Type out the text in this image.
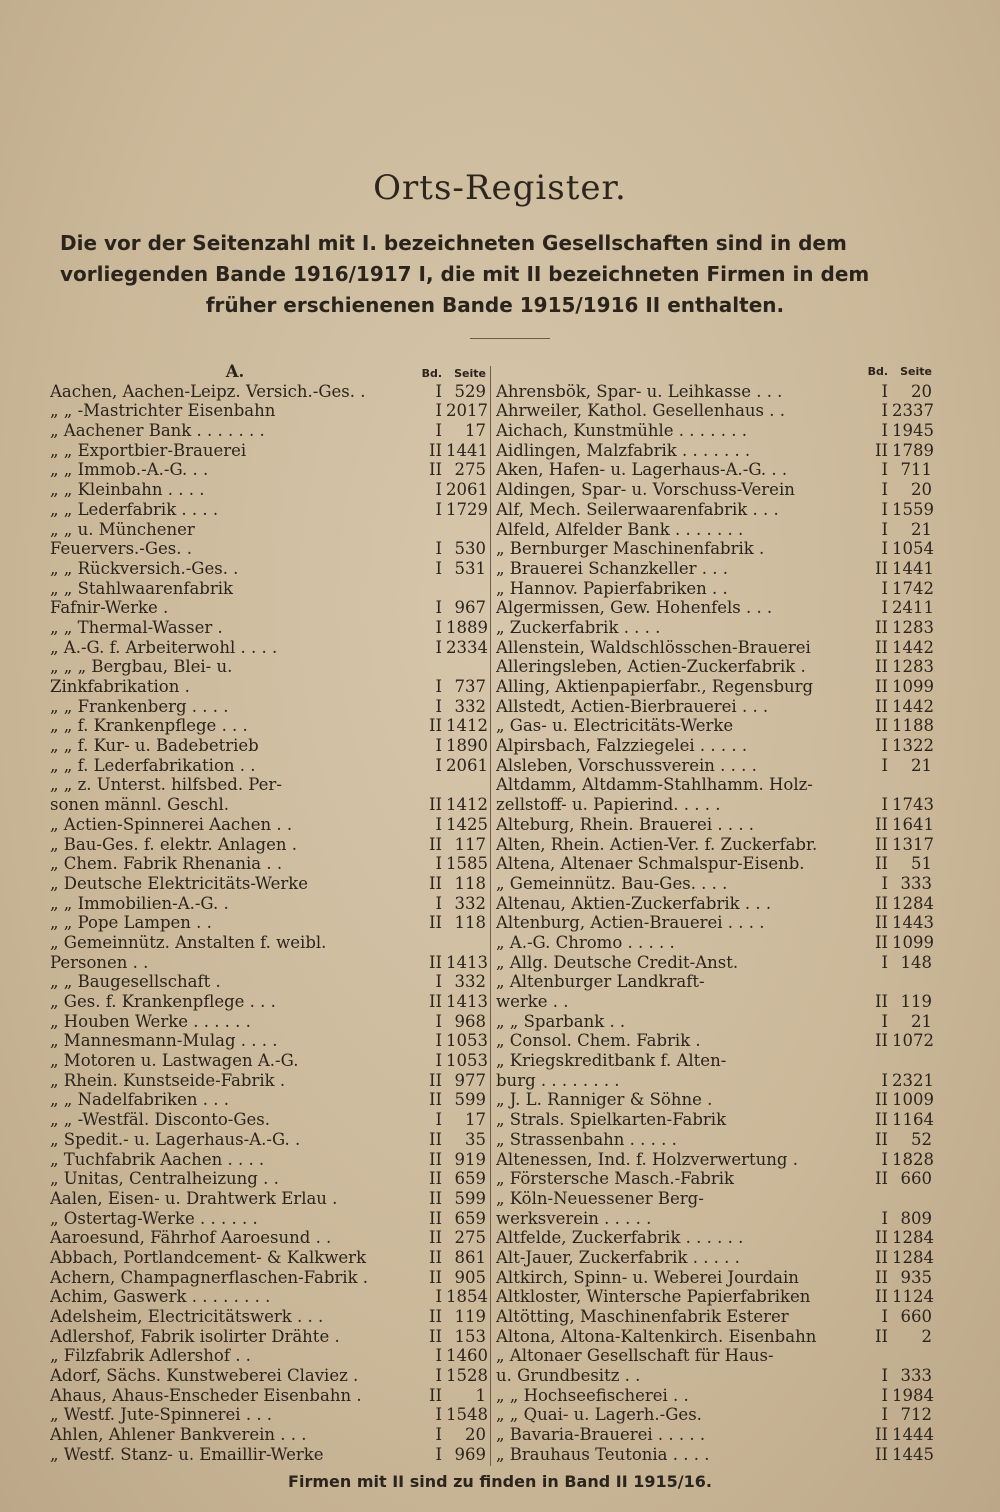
Orts-Register.
Die vor der Seitenzahl mit I. bezeichneten Gesellschaften sind in dem
vorliegenden Bande 1916/1917 I, die mit II bezeichneten Firmen in dem
früher erschienenen Bande 1915/1916 II enthalten.
A.	Bd.	Seite
Aachen, Aachen-Leipz. Versich.-Ges. .	I 529
„ „ -Mastrichter Eisenbahn	I 2017
„ Aachener Bank . . . . . . .	I	17
„ „ Exportbier-Brauerei	II 1441
„ „ Immob.-A.-G. . .	II 275
„ „ Kleinbahn . . . .	I 2061
„ „ Lederfabrik . . . .	I 1729
„ „ u. Münchener
Feuervers.-Ges. .	I 530
„ „ Rückversich.-Ges. .	I 531
„ „ Stahlwaarenfabrik
Fafnir-Werke .	I 967
„ „ Thermal-Wasser .	I 1889
„ A.-G. f. Arbeiterwohl . . . .	I 2334
„ „ „ Bergbau, Blei- u.
Zinkfabrikation .	I 737
„ „ Frankenberg . . . .	I 332
„ „ f. Krankenpflege . . .	II 1412
„ „ f. Kur- u. Badebetrieb	I 1890
„ „ f. Lederfabrikation . .	I 2061
„ „ z. Unterst. hilfsbed. Per-
sonen männl. Geschl.	II 1412
„ Actien-Spinnerei Aachen . .	I 1425
„ Bau-Ges. f. elektr. Anlagen .	II 117
„ Chem. Fabrik Rhenania . .	I 1585
„ Deutsche Elektricitäts-Werke	II 118
„ „ Immobilien-A.-G. .	I 332
„ „ Pope Lampen . .	II 118
„ Gemeinnütz. Anstalten f. weibl.
Personen . .	II 1413
„ „ Baugesellschaft .	I 332
„ Ges. f. Krankenpflege . . .	II 1413
„ Houben Werke . . . . . .	I 968
„ Mannesmann-Mulag . . . .	I 1053
„ Motoren u. Lastwagen A.-G.	I 1053
„ Rhein. Kunstseide-Fabrik .	II 977
„ „ Nadelfabriken . . .	II 599
„ „ -Westfäl. Disconto-Ges.	I	17
„ Spedit.- u. Lagerhaus-A.-G. .	II	35
„ Tuchfabrik Aachen . . . .	II 919
„ Unitas, Centralheizung . .	II 659
Aalen, Eisen- u. Drahtwerk Erlau .	II 599
„ Ostertag-Werke . . . . . .	II 659
Aaroesund, Fährhof Aaroesund . .	II 275
Abbach, Portlandcement- & Kalkwerk	II 861
Achern, Champagnerflaschen-Fabrik .	II 905
Achim, Gaswerk . . . . . . . .	I 1854
Adelsheim, Electricitätswerk . . .	II 119
Adlershof, Fabrik isolirter Drähte .	II 153
„ Filzfabrik Adlershof . .	I 1460
Adorf, Sächs. Kunstweberei Claviez .	I 1528
Ahaus, Ahaus-Enscheder Eisenbahn .	II	1
„ Westf. Jute-Spinnerei . . .	I 1548
Ahlen, Ahlener Bankverein . . .	I	20
„ Westf. Stanz- u. Emaillir-Werke	I 969
Bd.	Seite
Ahrensbök, Spar- u. Leihkasse . . .	I	20
Ahrweiler, Kathol. Gesellenhaus . .	I 2337
Aichach, Kunstmühle . . . . . . .	I 1945
Aidlingen, Malzfabrik . . . . . . .	II 1789
Aken, Hafen- u. Lagerhaus-A.-G. . .	I 711
Aldingen, Spar- u. Vorschuss-Verein	I	20
Alf, Mech. Seilerwaarenfabrik . . .	I 1559
Alfeld, Alfelder Bank . . . . . . .	I	21
„ Bernburger Maschinenfabrik .	I 1054
„ Brauerei Schanzkeller . . .	II 1441
„ Hannov. Papierfabriken . .	I 1742
Algermissen, Gew. Hohenfels . . .	I 2411
„ Zuckerfabrik . . . .	II 1283
Allenstein, Waldschlösschen-Brauerei	II 1442
Alleringsleben, Actien-Zuckerfabrik .	II 1283
Alling, Aktienpapierfabr., Regensburg	II 1099
Allstedt, Actien-Bierbrauerei . . .	II 1442
„ Gas- u. Electricitäts-Werke	II 1188
Alpirsbach, Falzziegelei . . . . .	I 1322
Alsleben, Vorschussverein . . . .	I	21
Altdamm, Altdamm-Stahlhamm. Holz-
zellstoff- u. Papierind. . . . .	I 1743
Alteburg, Rhein. Brauerei . . . .	II 1641
Alten, Rhein. Actien-Ver. f. Zuckerfabr.	II 1317
Altena, Altenaer Schmalspur-Eisenb.	II	51
„ Gemeinnütz. Bau-Ges. . . .	I 333
Altenau, Aktien-Zuckerfabrik . . .	II 1284
Altenburg, Actien-Brauerei . . . .	II 1443
„ A.-G. Chromo . . . . .	II 1099
„ Allg. Deutsche Credit-Anst.	I 148
„ Altenburger Landkraft-
werke . .	II 119
„ „ Sparbank . .	I	21
„ Consol. Chem. Fabrik .	II 1072
„ Kriegskreditbank f. Alten-
burg . . . . . . . .	I 2321
„ J. L. Ranniger & Söhne .	II 1009
„ Strals. Spielkarten-Fabrik	II 1164
„ Strassenbahn . . . . .	II	52
Altenessen, Ind. f. Holzverwertung .	I 1828
„ Förstersche Masch.-Fabrik	II 660
„ Köln-Neuessener Berg-
werksverein . . . . .	I 809
Altfelde, Zuckerfabrik . . . . . .	II 1284
Alt-Jauer, Zuckerfabrik . . . . .	II 1284
Altkirch, Spinn- u. Weberei Jourdain	II 935
Altkloster, Wintersche Papierfabriken	II 1124
Altötting, Maschinenfabrik Esterer	I 660
Altona, Altona-Kaltenkirch. Eisenbahn	II	2
„ Altonaer Gesellschaft für Haus-
u. Grundbesitz . .	I 333
„ „ Hochseefischerei . .	I 1984
„ „ Quai- u. Lagerh.-Ges.	I 712
„ Bavaria-Brauerei . . . . .	II 1444
„ Brauhaus Teutonia . . . .	II 1445
Firmen mit II sind zu finden in Band II 1915/16.
